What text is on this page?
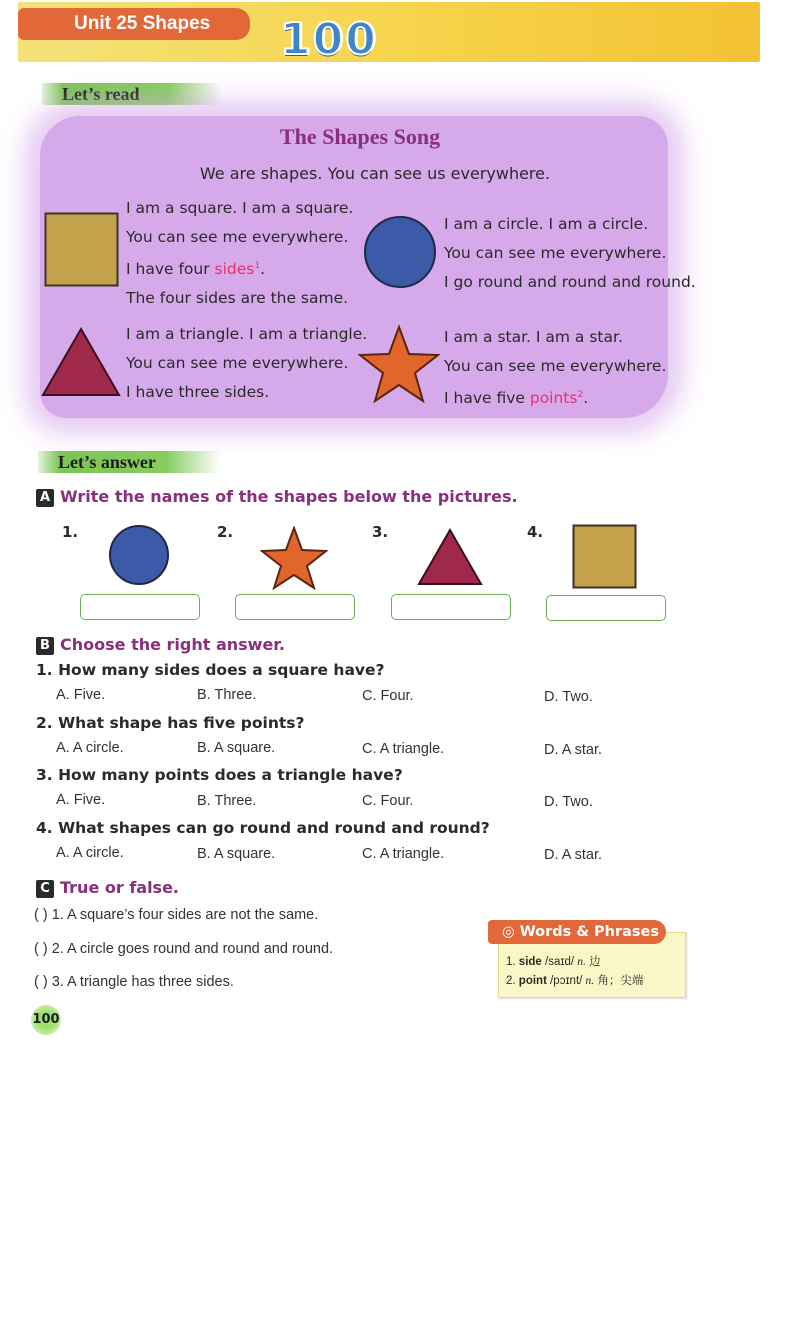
Unit 25 Shapes	100
Let’s read
The Shapes Song
We are shapes. You can see us everywhere.
I am a square. I am a square.
You can see me everywhere.
I have four sides$^1$.
The four sides are the same.
I am a circle. I am a circle.
You can see me everywhere.
I go round and round and round.
I am a triangle. I am a triangle.
You can see me everywhere.
I have three sides.
I am a star. I am a star.
You can see me everywhere.
I have five points$^2$.
Let’s answer
A Write the names of the shapes below the pictures.
1.	2.	3.	4.
B Choose the right answer.
1. How many sides does a square have?
A. Five.	B. Three.	C. Four.	D. Two.
2. What shape has five points?
A. A circle.	B. A square.	C. A triangle.	D. A star.
3. How many points does a triangle have?
A. Five.	B. Three.	C. Four.	D. Two.
4. What shapes can go round and round and round?
A. A circle.	B. A square.	C. A triangle.	D. A star.
C True or false.
( ) 1. A square’s four sides are not the same.
( ) 2. A circle goes round and round and round.
( ) 3. A triangle has three sides.
◎ Words & Phrases
1. side /saɪd/ n. 边
2. point /pɔɪnt/ n. 角；尖端
100
